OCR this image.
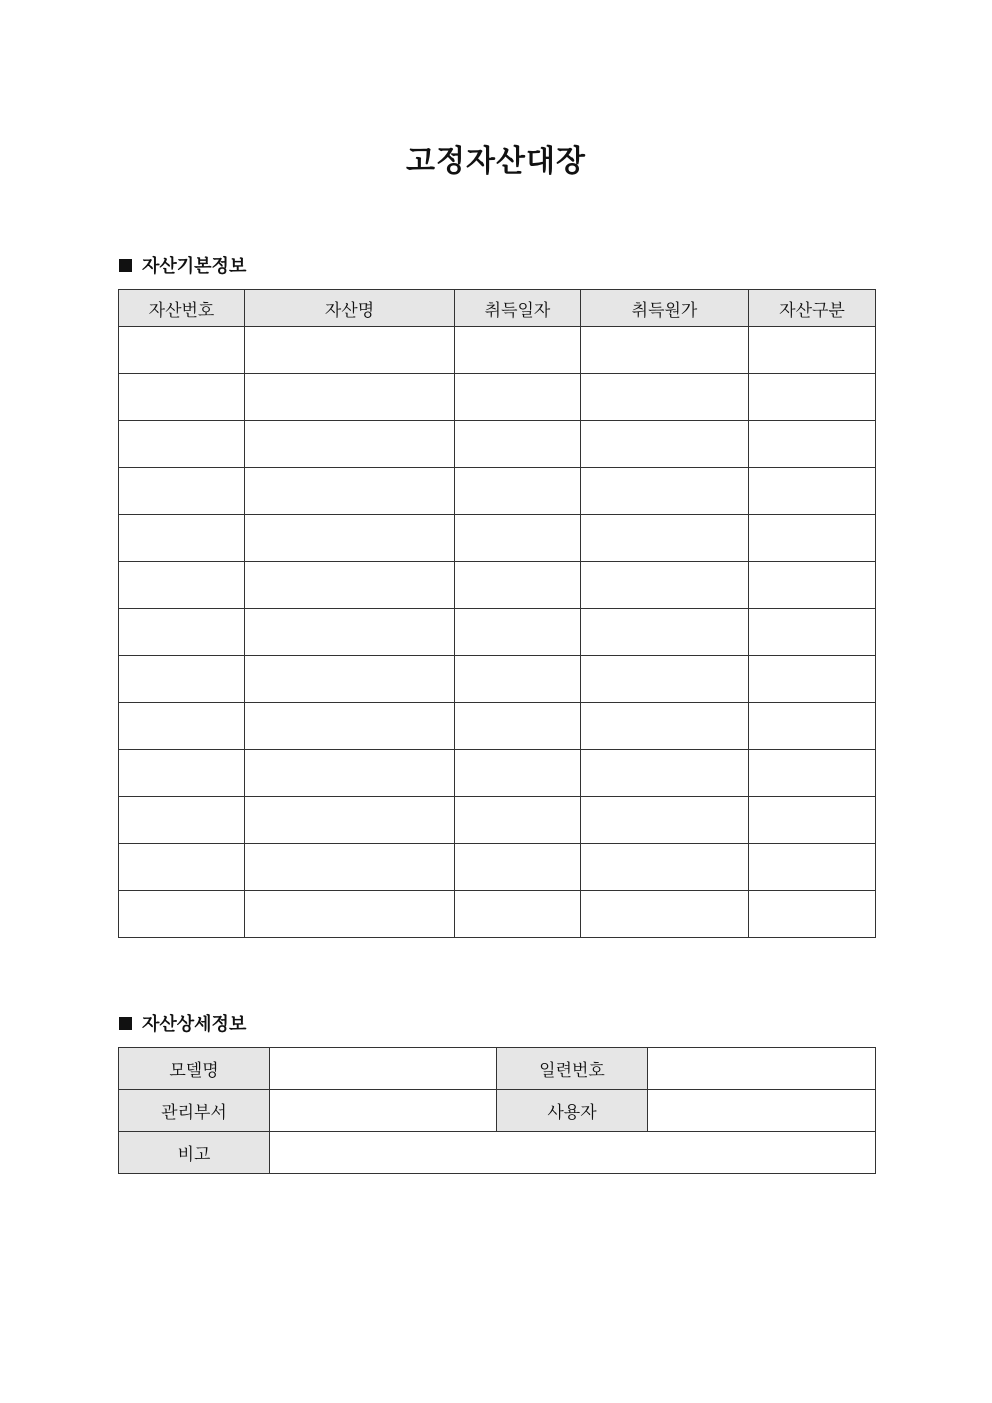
고정자산대장
자산기본정보
자산번호	자산명	취득일자	취득원가	자산구분

자산상세정보
모델명		일련번호	
관리부서		사용자	
비고			
